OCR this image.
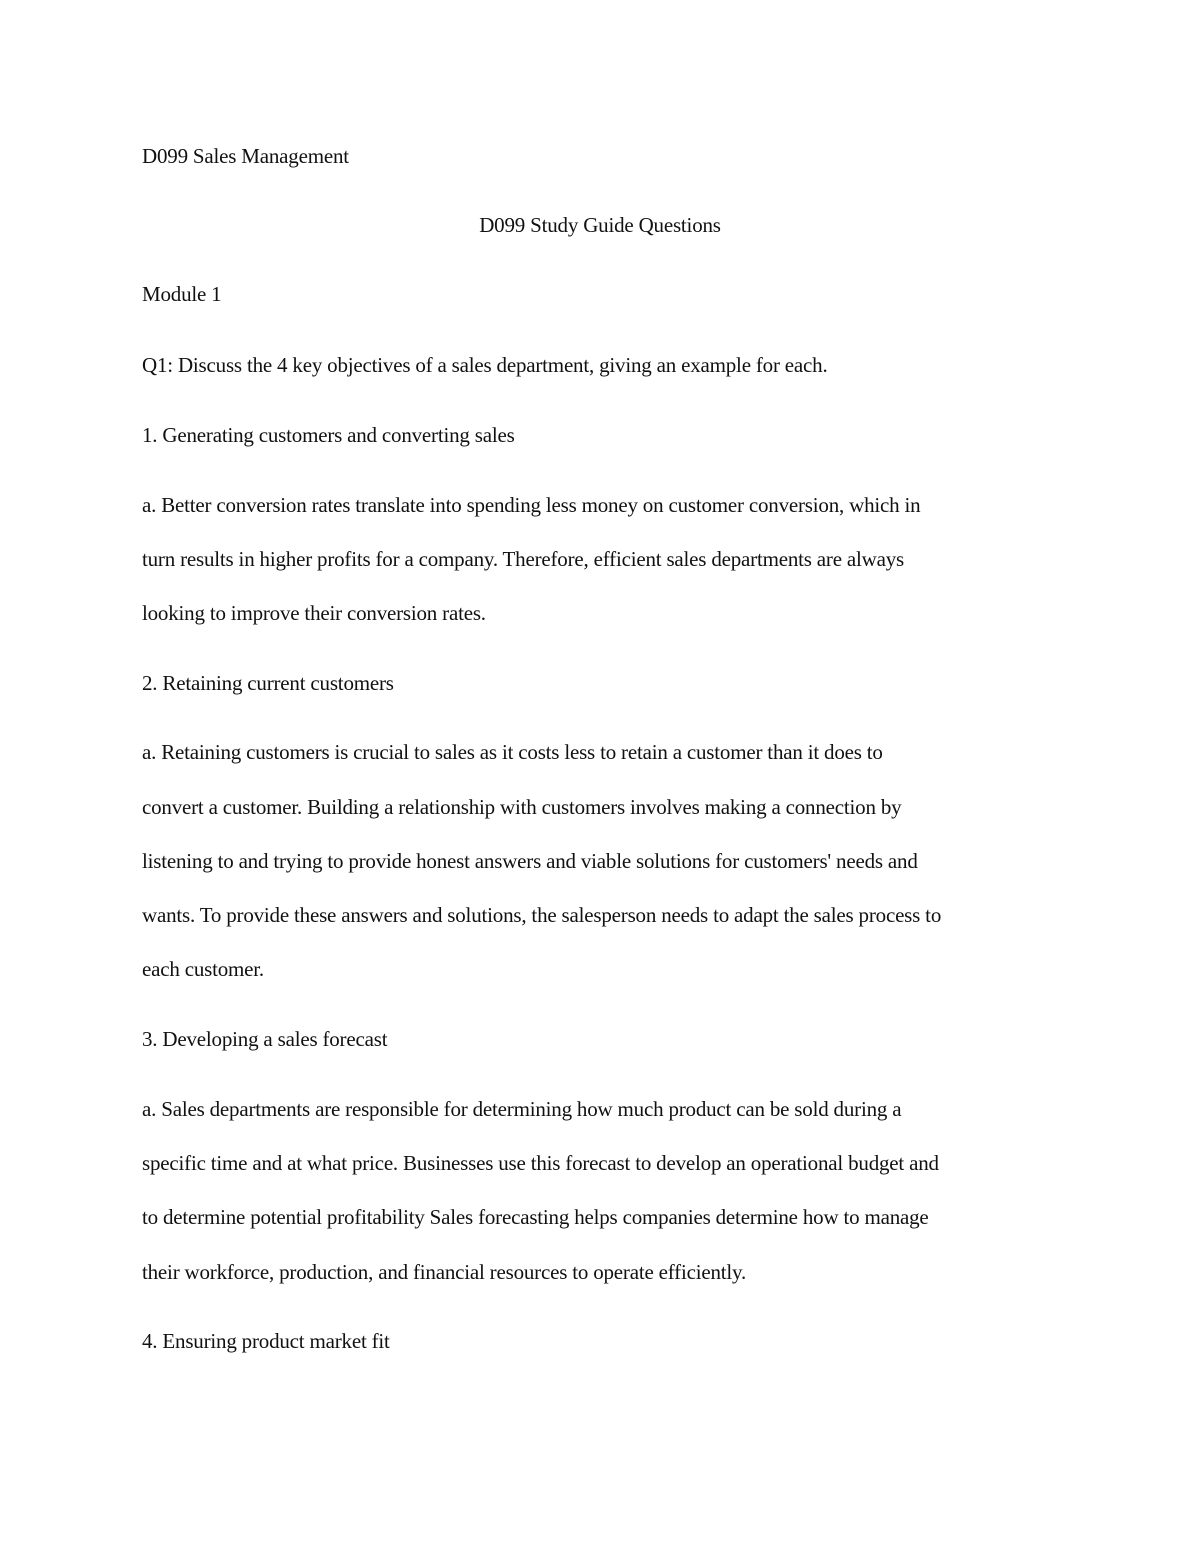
D099 Sales Management
D099 Study Guide Questions
Module 1
Q1: Discuss the 4 key objectives of a sales department, giving an example for each.
1. Generating customers and converting sales
a. Better conversion rates translate into spending less money on customer conversion, which in
turn results in higher profits for a company. Therefore, efficient sales departments are always
looking to improve their conversion rates.
2. Retaining current customers
a. Retaining customers is crucial to sales as it costs less to retain a customer than it does to
convert a customer. Building a relationship with customers involves making a connection by
listening to and trying to provide honest answers and viable solutions for customers' needs and
wants. To provide these answers and solutions, the salesperson needs to adapt the sales process to
each customer.
3. Developing a sales forecast
a. Sales departments are responsible for determining how much product can be sold during a
specific time and at what price. Businesses use this forecast to develop an operational budget and
to determine potential profitability Sales forecasting helps companies determine how to manage
their workforce, production, and financial resources to operate efficiently.
4. Ensuring product market fit
